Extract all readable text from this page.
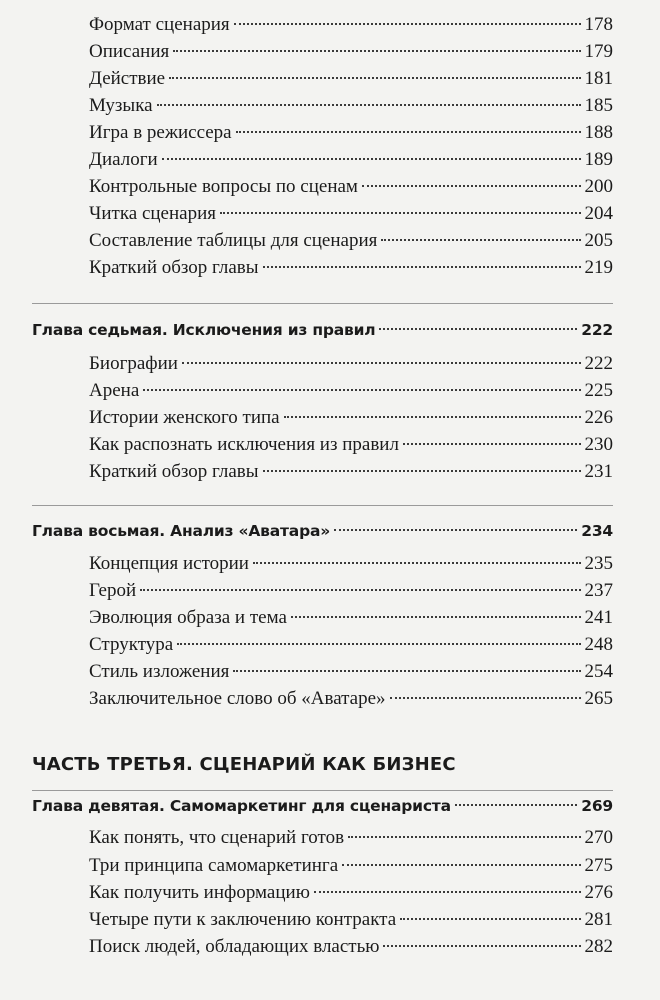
Формат сценария	178
Описания	179
Действие	181
Музыка	185
Игра в режиссера	188
Диалоги	189
Контрольные вопросы по сценам	200
Читка сценария	204
Составление таблицы для сценария	205
Краткий обзор главы	219
Глава седьмая. Исключения из правил	222
Биографии	222
Арена	225
Истории женского типа	226
Как распознать исключения из правил	230
Краткий обзор главы	231
Глава восьмая. Анализ «Аватара»	234
Концепция истории	235
Герой	237
Эволюция образа и тема	241
Структура	248
Стиль изложения	254
Заключительное слово об «Аватаре»	265
ЧАСТЬ ТРЕТЬЯ. СЦЕНАРИЙ КАК БИЗНЕС
Глава девятая. Самомаркетинг для сценариста	269
Как понять, что сценарий готов	270
Три принципа самомаркетинга	275
Как получить информацию	276
Четыре пути к заключению контракта	281
Поиск людей, обладающих властью	282
